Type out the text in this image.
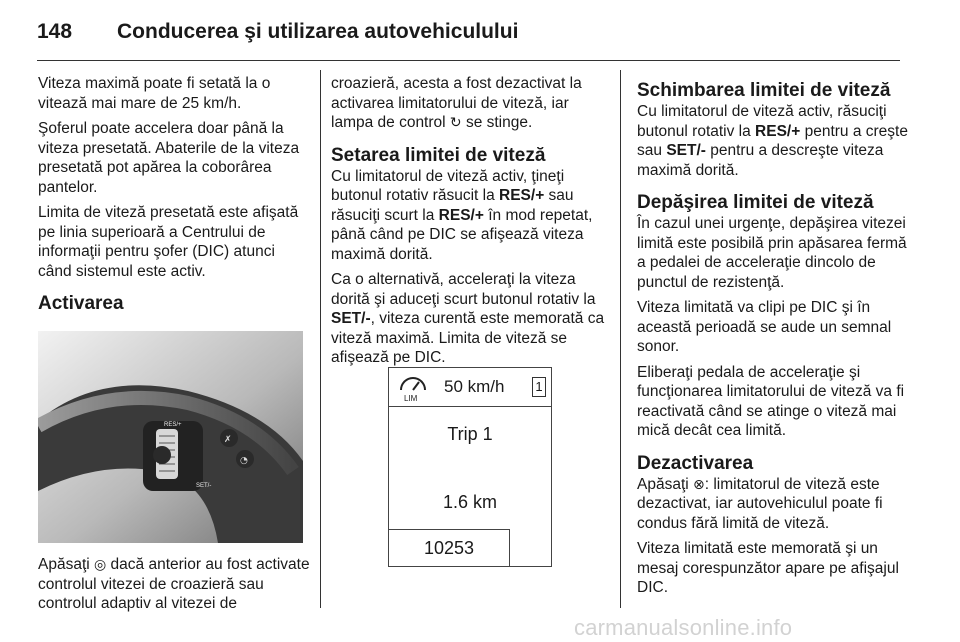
148 Conducerea şi utilizarea autovehiculului

Viteza maximă poate fi setată la o vitează mai mare de 25 km/h.

Şoferul poate accelera doar până la viteza presetată. Abaterile de la viteza presetată pot apărea la coborârea pantelor.

Limita de viteză presetată este afişată pe linia superioară a Centrului de informaţii pentru şofer (DIC) atunci când sistemul este activ.

Activarea
RES/+
SET/-
✗
◔

Apăsaţi ◎ dacă anterior au fost activate controlul vitezei de croazieră sau controlul adaptiv al vitezei de

croazieră, acesta a fost dezactivat la activarea limitatorului de viteză, iar lampa de control ↻ se stinge.

Setarea limitei de viteză

Cu limitatorul de viteză activ, ţineţi butonul rotativ răsucit la RES/+ sau răsuciţi scurt la RES/+ în mod repetat, până când pe DIC se afişează viteza maximă dorită.

Ca o alternativă, acceleraţi la viteza dorită şi aduceţi scurt butonul rotativ la SET/-, viteza curentă este memorată ca viteză maximă. Limita de viteză se afişează pe DIC.

LIM
50 km/h 1
Trip 1
1.6 km
10253
Schimbarea limitei de viteză

Cu limitatorul de viteză activ, răsuciţi butonul rotativ la RES/+ pentru a creşte sau SET/- pentru a descreşte viteza maximă dorită.

Depăşirea limitei de viteză

În cazul unei urgenţe, depăşirea vitezei limită este posibilă prin apăsarea fermă a pedalei de acceleraţie dincolo de punctul de rezistenţă.

Viteza limitată va clipi pe DIC şi în această perioadă se aude un semnal sonor.

Eliberaţi pedala de acceleraţie şi funcţionarea limitatorului de viteză va fi reactivată când se atinge o viteză mai mică decât cea limită.

Dezactivarea

Apăsaţi ⊗: limitatorul de viteză este dezactivat, iar autovehiculul poate fi condus fără limită de viteză.

Viteza limitată este memorată şi un mesaj corespunzător apare pe afişajul DIC.

carmanualsonline.info
